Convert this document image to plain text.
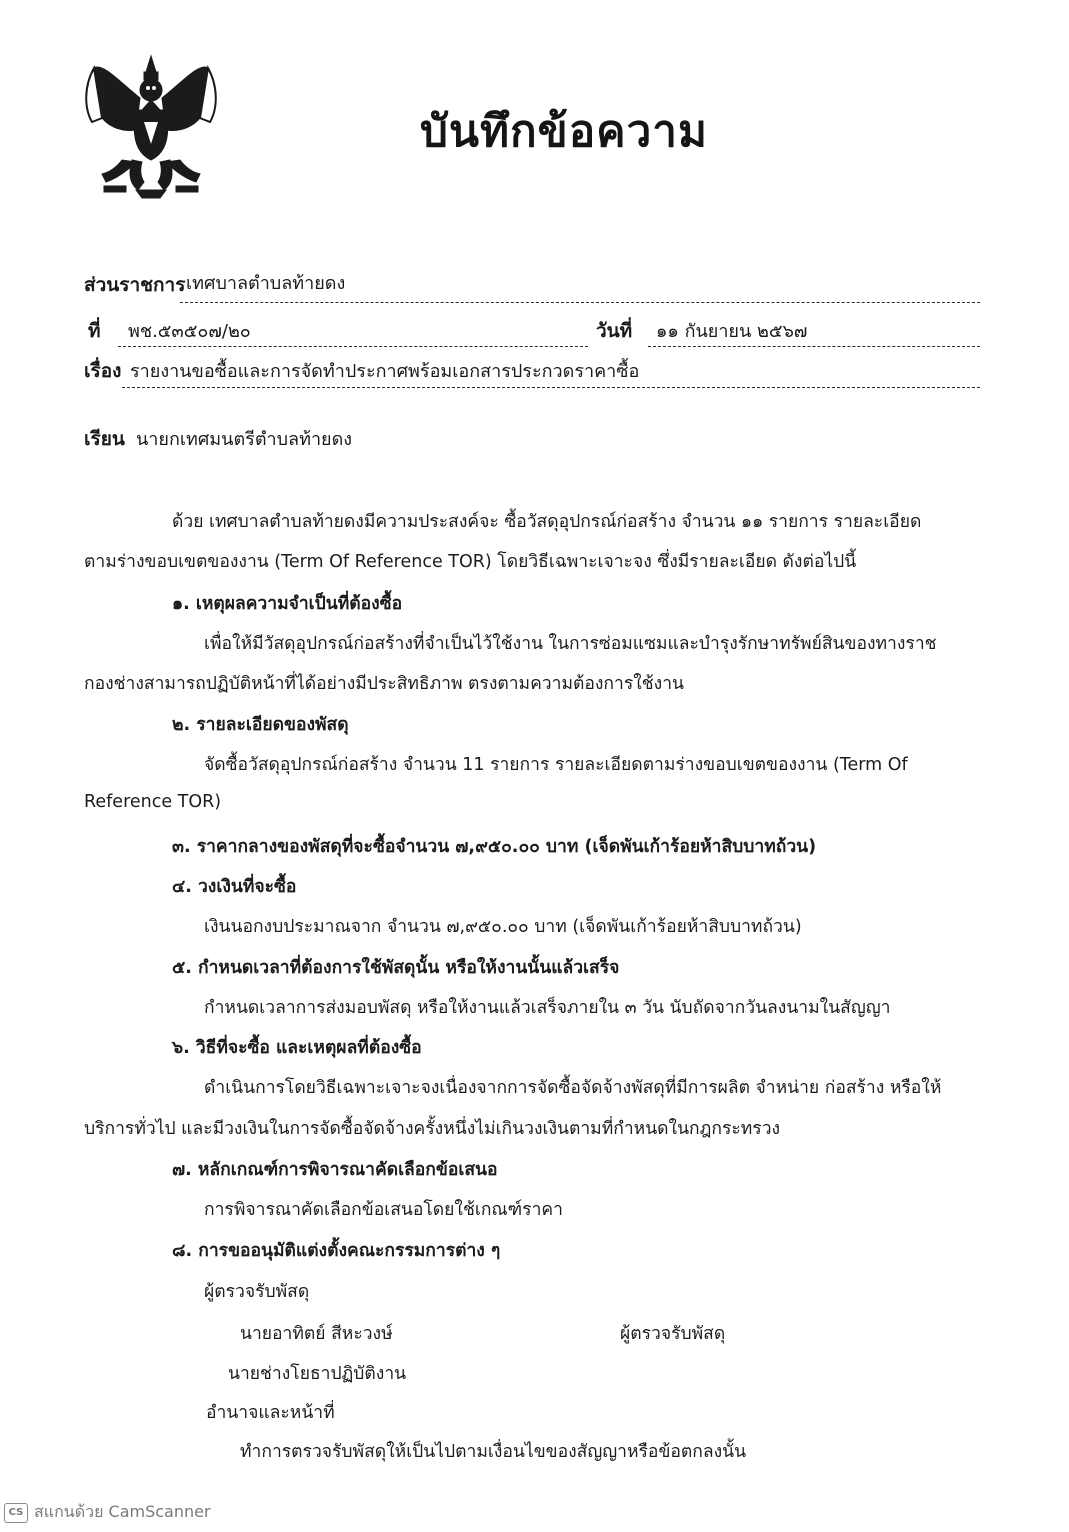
บันทึกข้อความ
ส่วนราชการ เทศบาลตำบลท้ายดง
ที่ พช.๕๓๕๐๗/๒๐	วันที่ ๑๑ กันยายน ๒๕๖๗
เรื่อง รายงานขอซื้อและการจัดทำประกาศพร้อมเอกสารประกวดราคาซื้อ
เรียน นายกเทศมนตรีตำบลท้ายดง
ด้วย เทศบาลตำบลท้ายดงมีความประสงค์จะ ซื้อวัสดุอุปกรณ์ก่อสร้าง จำนวน ๑๑ รายการ รายละเอียด
ตามร่างขอบเขตของงาน (Term Of Reference TOR) โดยวิธีเฉพาะเจาะจง ซึ่งมีรายละเอียด ดังต่อไปนี้
๑. เหตุผลความจำเป็นที่ต้องซื้อ
เพื่อให้มีวัสดุอุปกรณ์ก่อสร้างที่จำเป็นไว้ใช้งาน ในการซ่อมแซมและบำรุงรักษาทรัพย์สินของทางราช
กองช่างสามารถปฏิบัติหน้าที่ได้อย่างมีประสิทธิภาพ ตรงตามความต้องการใช้งาน
๒. รายละเอียดของพัสดุ
จัดซื้อวัสดุอุปกรณ์ก่อสร้าง จำนวน 11 รายการ รายละเอียดตามร่างขอบเขตของงาน (Term Of
Reference TOR)
๓. ราคากลางของพัสดุที่จะซื้อจำนวน ๗,๙๕๐.๐๐ บาท (เจ็ดพันเก้าร้อยห้าสิบบาทถ้วน)
๔. วงเงินที่จะซื้อ
เงินนอกงบประมาณจาก จำนวน ๗,๙๕๐.๐๐ บาท (เจ็ดพันเก้าร้อยห้าสิบบาทถ้วน)
๕. กำหนดเวลาที่ต้องการใช้พัสดุนั้น หรือให้งานนั้นแล้วเสร็จ
กำหนดเวลาการส่งมอบพัสดุ หรือให้งานแล้วเสร็จภายใน ๓ วัน นับถัดจากวันลงนามในสัญญา
๖. วิธีที่จะซื้อ และเหตุผลที่ต้องซื้อ
ดำเนินการโดยวิธีเฉพาะเจาะจงเนื่องจากการจัดซื้อจัดจ้างพัสดุที่มีการผลิต จำหน่าย ก่อสร้าง หรือให้
บริการทั่วไป และมีวงเงินในการจัดซื้อจัดจ้างครั้งหนึ่งไม่เกินวงเงินตามที่กำหนดในกฎกระทรวง
๗. หลักเกณฑ์การพิจารณาคัดเลือกข้อเสนอ
การพิจารณาคัดเลือกข้อเสนอโดยใช้เกณฑ์ราคา
๘. การขออนุมัติแต่งตั้งคณะกรรมการต่าง ๆ
ผู้ตรวจรับพัสดุ
นายอาทิตย์ สีหะวงษ์	ผู้ตรวจรับพัสดุ
นายช่างโยธาปฏิบัติงาน
อำนาจและหน้าที่
ทำการตรวจรับพัสดุให้เป็นไปตามเงื่อนไขของสัญญาหรือข้อตกลงนั้น
CS สแกนด้วย CamScanner
